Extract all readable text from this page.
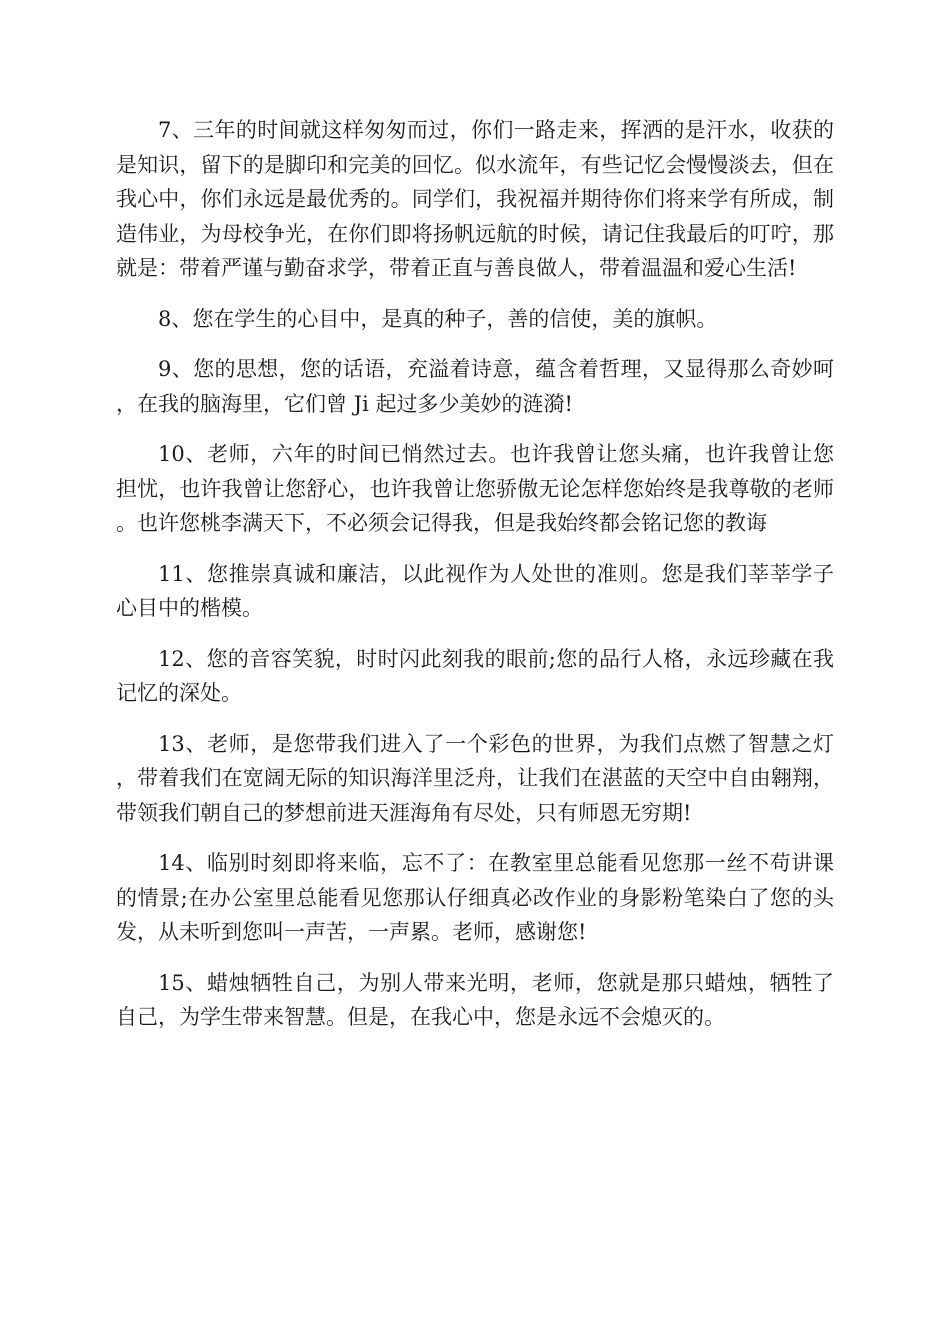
7、三年的时间就这样匆匆而过，你们一路走来，挥洒的是汗水，收获的是知识，留下的是脚印和完美的回忆。似水流年，有些记忆会慢慢淡去，但在我心中，你们永远是最优秀的。同学们，我祝福并期待你们将来学有所成，制造伟业，为母校争光，在你们即将扬帆远航的时候，请记住我最后的叮咛，那就是：带着严谨与勤奋求学，带着正直与善良做人，带着温温和爱心生活!

8、您在学生的心目中，是真的种子，善的信使，美的旗帜。

9、您的思想，您的话语，充溢着诗意，蕴含着哲理，又显得那么奇妙呵，在我的脑海里，它们曾 Ji 起过多少美妙的涟漪!

10、老师，六年的时间已悄然过去。也许我曾让您头痛，也许我曾让您担忧，也许我曾让您舒心，也许我曾让您骄傲无论怎样您始终是我尊敬的老师。也许您桃李满天下，不必须会记得我，但是我始终都会铭记您的教诲

11、您推崇真诚和廉洁，以此视作为人处世的准则。您是我们莘莘学子心目中的楷模。

12、您的音容笑貌，时时闪此刻我的眼前;您的品行人格，永远珍藏在我记忆的深处。

13、老师，是您带我们进入了一个彩色的世界，为我们点燃了智慧之灯，带着我们在宽阔无际的知识海洋里泛舟，让我们在湛蓝的天空中自由翱翔，带领我们朝自己的梦想前进天涯海角有尽处，只有师恩无穷期!

14、临别时刻即将来临，忘不了：在教室里总能看见您那一丝不苟讲课的情景;在办公室里总能看见您那认仔细真必改作业的身影粉笔染白了您的头发，从未听到您叫一声苦，一声累。老师，感谢您!

15、蜡烛牺牲自己，为别人带来光明，老师，您就是那只蜡烛，牺牲了自己，为学生带来智慧。但是，在我心中，您是永远不会熄灭的。
